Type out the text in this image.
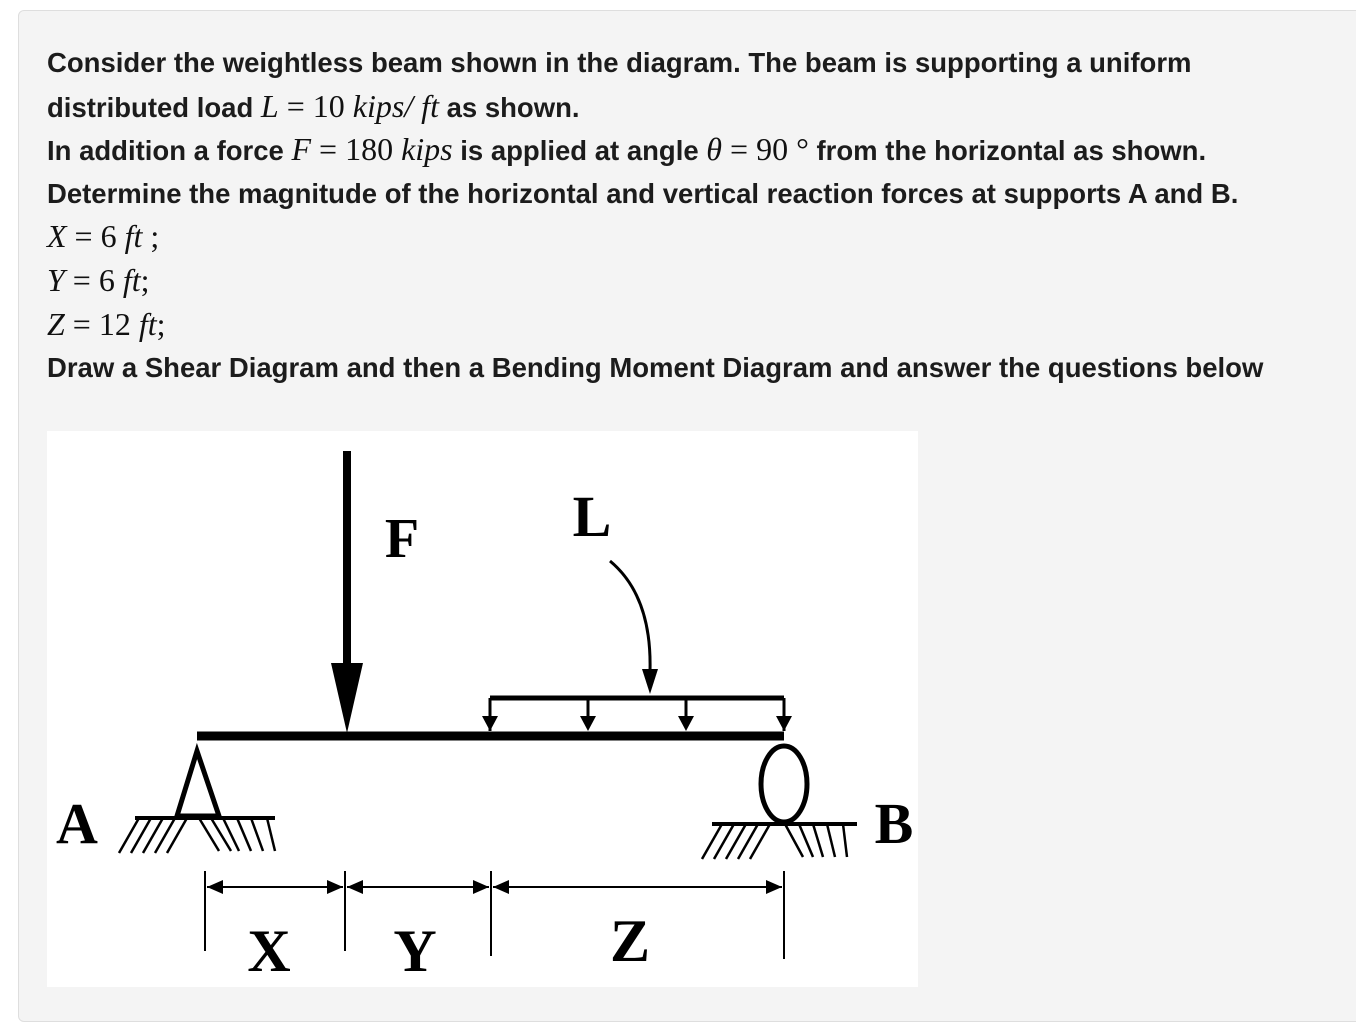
Consider the weightless beam shown in the diagram. The beam is supporting a uniform
distributed load L = 10 kips/ ft as shown.
In addition a force F = 180 kips is applied at angle θ = 90 ° from the horizontal as shown.
Determine the magnitude of the horizontal and vertical reaction forces at supports A and B.
X = 6 ft ;
Y = 6 ft;
Z = 12 ft;
Draw a Shear Diagram and then a Bending Moment Diagram and answer the questions below
F	L
A	B
X Y	Z
